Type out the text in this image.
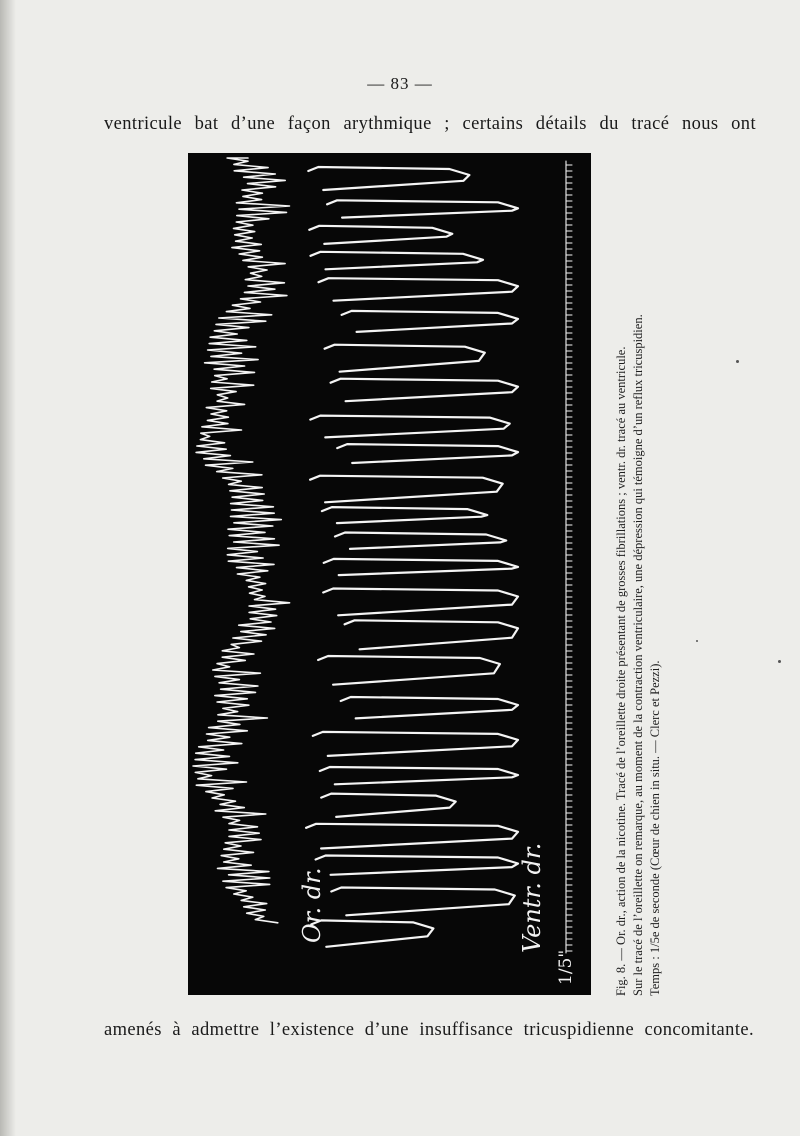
— 83 —
ventricule bat d’une façon arythmique ; certains détails du tracé nous ont
Or. dr.	Ventr. dr.
1/5"	Fig. 8. — Or. dr., action de la nicotine. Tracé de l’oreillette droite présentant de grosses fibrillations ; ventr. dr. tracé au ventricule. Sur le tracé de l’oreillette on remarque, au moment de la contraction ventriculaire, une dépression qui témoigne d’un reflux tricuspidien. Temps : 1/5e de seconde (Cœur de chien in situ. — Clerc et Pezzi).
amenés à admettre l’existence d’une insuffisance tricuspidienne concomitante.
